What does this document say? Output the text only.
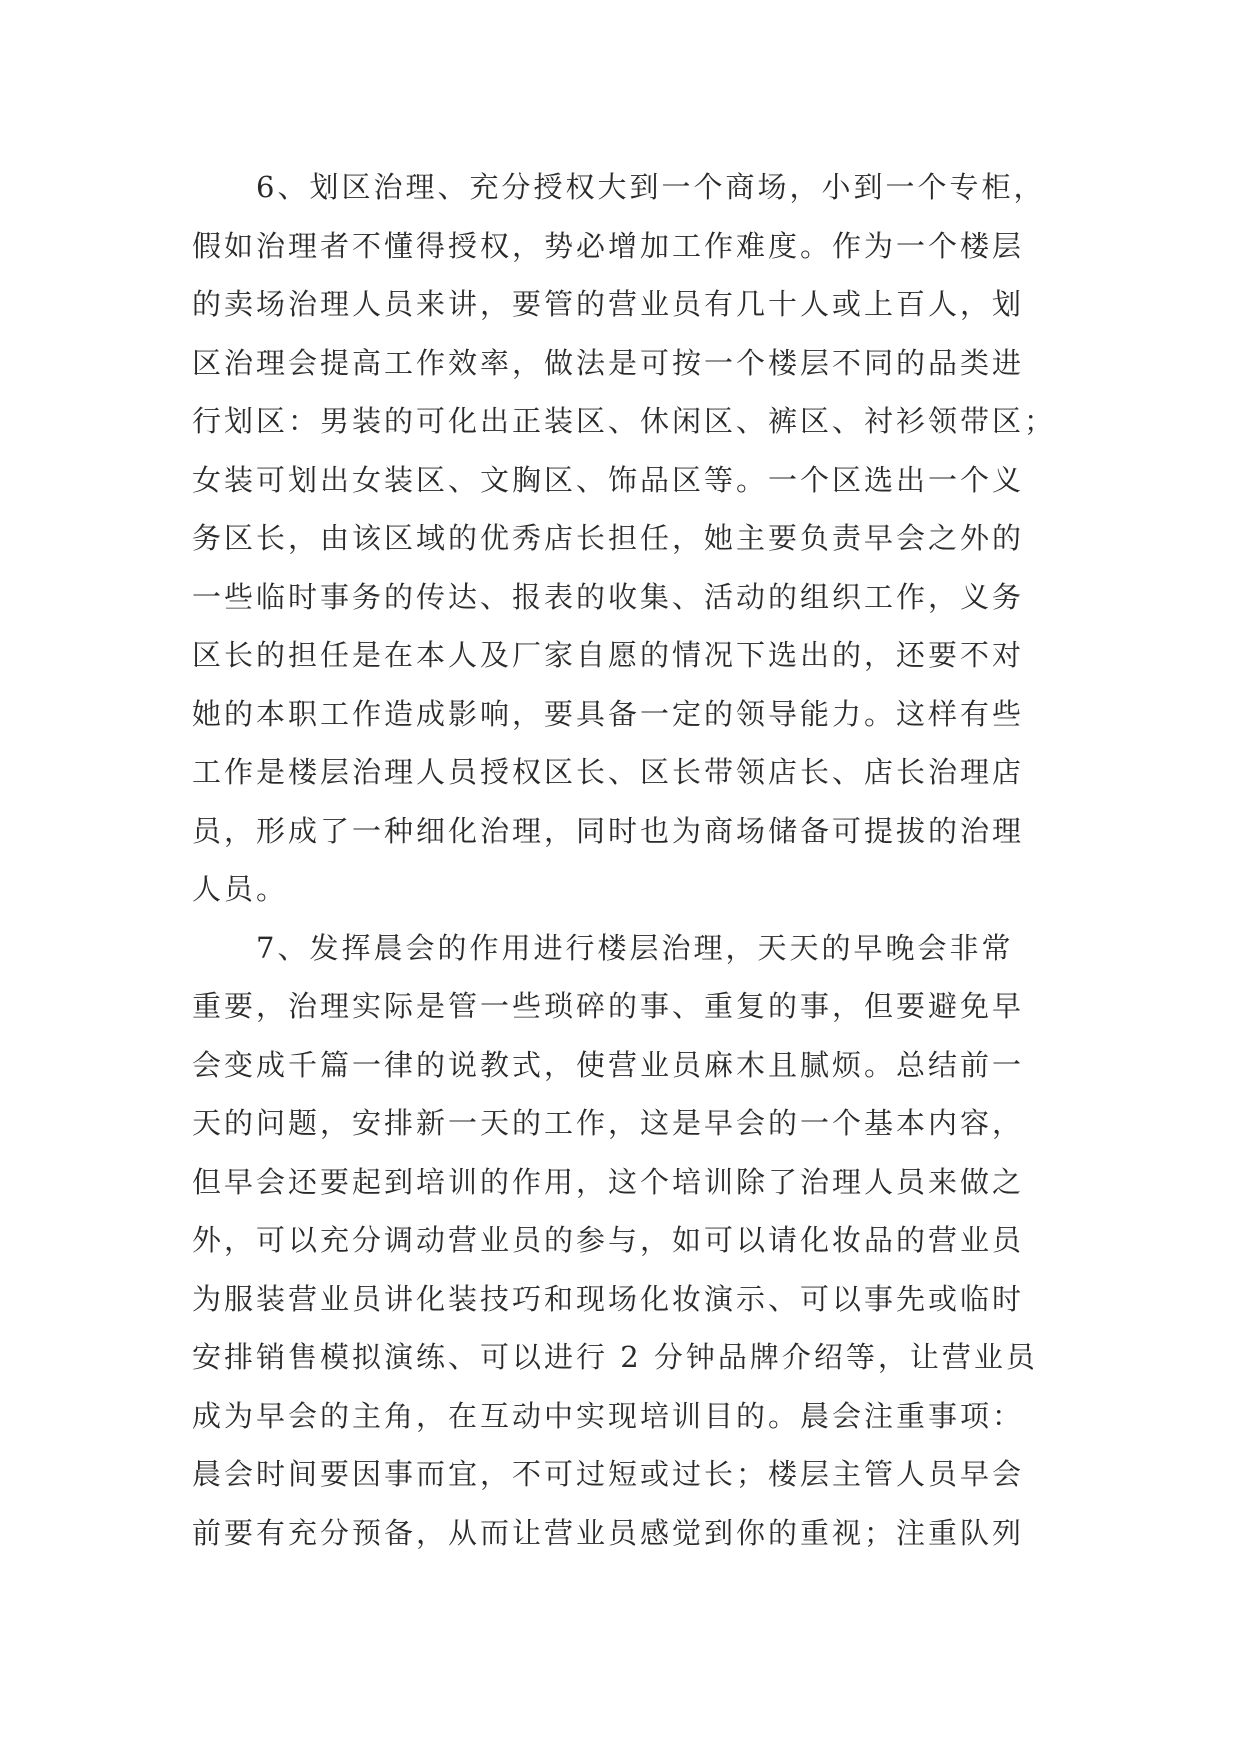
6、划区治理、充分授权大到一个商场，小到一个专柜，
假如治理者不懂得授权，势必增加工作难度。作为一个楼层
的卖场治理人员来讲，要管的营业员有几十人或上百人，划
区治理会提高工作效率，做法是可按一个楼层不同的品类进
行划区：男装的可化出正装区、休闲区、裤区、衬衫领带区；
女装可划出女装区、文胸区、饰品区等。一个区选出一个义
务区长，由该区域的优秀店长担任，她主要负责早会之外的
一些临时事务的传达、报表的收集、活动的组织工作，义务
区长的担任是在本人及厂家自愿的情况下选出的，还要不对
她的本职工作造成影响，要具备一定的领导能力。这样有些
工作是楼层治理人员授权区长、区长带领店长、店长治理店
员，形成了一种细化治理，同时也为商场储备可提拔的治理
人员。
7、发挥晨会的作用进行楼层治理，天天的早晚会非常
重要，治理实际是管一些琐碎的事、重复的事，但要避免早
会变成千篇一律的说教式，使营业员麻木且腻烦。总结前一
天的问题，安排新一天的工作，这是早会的一个基本内容，
但早会还要起到培训的作用，这个培训除了治理人员来做之
外，可以充分调动营业员的参与，如可以请化妆品的营业员
为服装营业员讲化装技巧和现场化妆演示、可以事先或临时
安排销售模拟演练、可以进行 2 分钟品牌介绍等，让营业员
成为早会的主角，在互动中实现培训目的。晨会注重事项：
晨会时间要因事而宜，不可过短或过长；楼层主管人员早会
前要有充分预备，从而让营业员感觉到你的重视；注重队列
